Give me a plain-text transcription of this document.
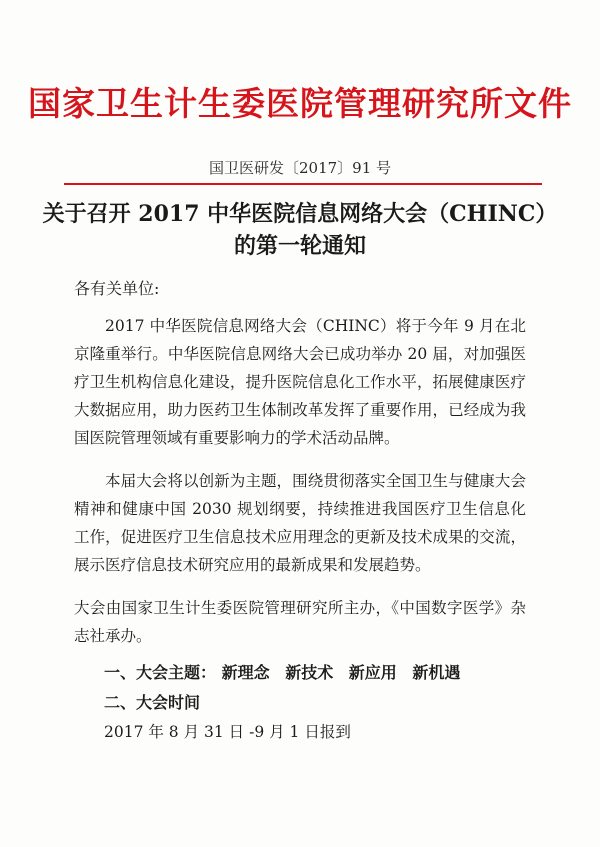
国家卫生计生委医院管理研究所文件
国卫医研发〔2017〕91 号
关于召开 2017 中华医院信息网络大会（CHINC）
的第一轮通知
各有关单位:
2017 中华医院信息网络大会（CHINC）将于今年 9 月在北京隆重举行。中华医院信息网络大会已成功举办 20 届，对加强医疗卫生机构信息化建设，提升医院信息化工作水平，拓展健康医疗大数据应用，助力医药卫生体制改革发挥了重要作用，已经成为我国医院管理领域有重要影响力的学术活动品牌。
本届大会将以创新为主题，围绕贯彻落实全国卫生与健康大会精神和健康中国 2030 规划纲要，持续推进我国医疗卫生信息化工作，促进医疗卫生信息技术应用理念的更新及技术成果的交流，展示医疗信息技术研究应用的最新成果和发展趋势。
大会由国家卫生计生委医院管理研究所主办，《中国数字医学》杂志社承办。
一、大会主题： 新理念 新技术 新应用 新机遇
二、大会时间
2017 年 8 月 31 日 -9 月 1 日报到
